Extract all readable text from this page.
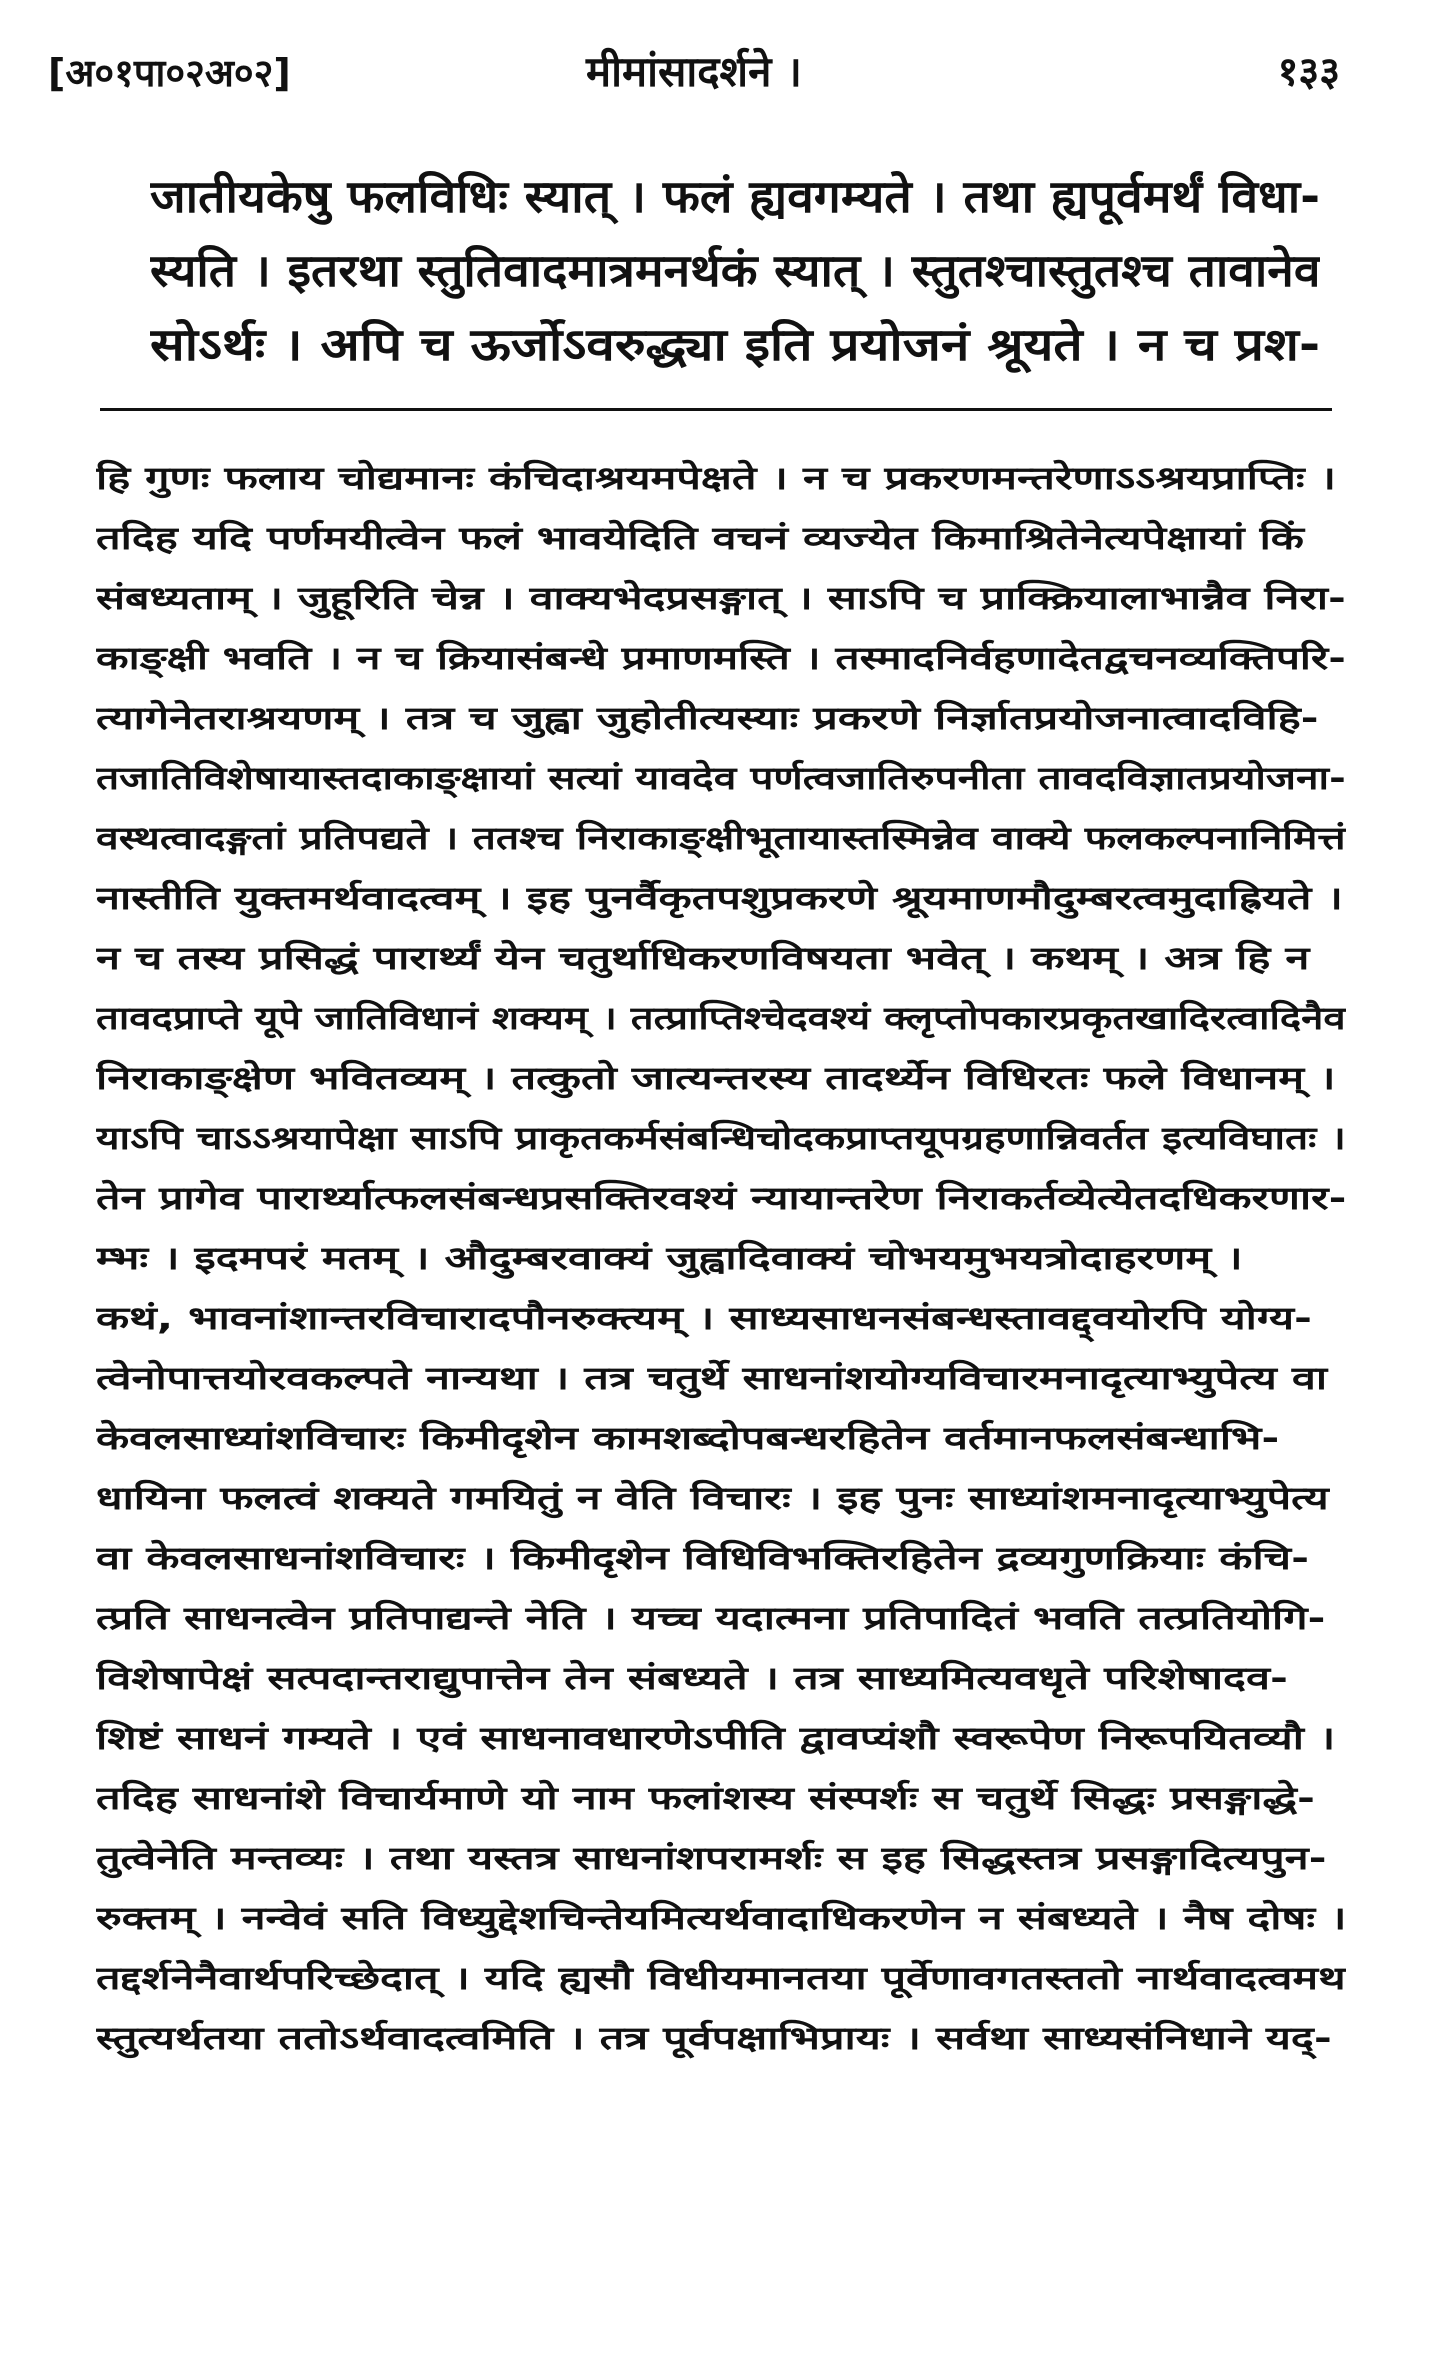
[अ०१पा०२अ०२]	मीमांसादर्शने ।	१३३
जातीयकेषु फलविधिः स्यात् । फलं ह्यवगम्यते । तथा ह्यपूर्वमर्थं विधा-
स्यति । इतरथा स्तुतिवादमात्रमनर्थकं स्यात् । स्तुतश्चास्तुतश्च तावानेव
सोऽर्थः । अपि च ऊर्जोऽवरुद्ध्या इति प्रयोजनं श्रूयते । न च प्रश-
हि गुणः फलाय चोद्यमानः कंचिदाश्रयमपेक्षते । न च प्रकरणमन्तरेणाऽऽश्रयप्राप्तिः ।
तदिह यदि पर्णमयीत्वेन फलं भावयेदिति वचनं व्यज्येत किमाश्रितेनेत्यपेक्षायां किं
संबध्यताम् । जुहूरिति चेन्न । वाक्यभेदप्रसङ्गात् । साऽपि च प्राक्क्रियालाभान्नैव निरा-
काङ्क्षी भवति । न च क्रियासंबन्धे प्रमाणमस्ति । तस्मादनिर्वहणादेतद्वचनव्यक्तिपरि-
त्यागेनेतराश्रयणम् । तत्र च जुह्वा जुहोतीत्यस्याः प्रकरणे निर्ज्ञातप्रयोजनात्वादविहि-
तजातिविशेषायास्तदाकाङ्क्षायां सत्यां यावदेव पर्णत्वजातिरुपनीता तावदविज्ञातप्रयोजना-
वस्थत्वादङ्गतां प्रतिपद्यते । ततश्च निराकाङ्क्षीभूतायास्तस्मिन्नेव वाक्ये फलकल्पनानिमित्तं
नास्तीति युक्तमर्थवादत्वम् । इह पुनर्वैकृतपशुप्रकरणे श्रूयमाणमौदुम्बरत्वमुदाह्रियते ।
न च तस्य प्रसिद्धं पारार्थ्यं येन चतुर्थाधिकरणविषयता भवेत् । कथम् । अत्र हि न
तावदप्राप्ते यूपे जातिविधानं शक्यम् । तत्प्राप्तिश्चेदवश्यं क्लृप्तोपकारप्रकृतखादिरत्वादिनैव
निराकाङ्क्षेण भवितव्यम् । तत्कुतो जात्यन्तरस्य तादर्थ्येन विधिरतः फले विधानम् ।
याऽपि चाऽऽश्रयापेक्षा साऽपि प्राकृतकर्मसंबन्धिचोदकप्राप्तयूपग्रहणान्निवर्तत इत्यविघातः ।
तेन प्रागेव पारार्थ्यात्फलसंबन्धप्रसक्तिरवश्यं न्यायान्तरेण निराकर्तव्येत्येतदधिकरणार-
म्भः । इदमपरं मतम् । औदुम्बरवाक्यं जुह्वादिवाक्यं चोभयमुभयत्रोदाहरणम् ।
कथं, भावनांशान्तरविचारादपौनरुक्त्यम् । साध्यसाधनसंबन्धस्तावद्द्वयोरपि योग्य-
त्वेनोपात्तयोरवकल्पते नान्यथा । तत्र चतुर्थे साधनांशयोग्यविचारमनादृत्याभ्युपेत्य वा
केवलसाध्यांशविचारः किमीदृशेन कामशब्दोपबन्धरहितेन वर्तमानफलसंबन्धाभि-
धायिना फलत्वं शक्यते गमयितुं न वेति विचारः । इह पुनः साध्यांशमनादृत्याभ्युपेत्य
वा केवलसाधनांशविचारः । किमीदृशेन विधिविभक्तिरहितेन द्रव्यगुणक्रियाः कंचि-
त्प्रति साधनत्वेन प्रतिपाद्यन्ते नेति । यच्च यदात्मना प्रतिपादितं भवति तत्प्रतियोगि-
विशेषापेक्षं सत्पदान्तराद्युपात्तेन तेन संबध्यते । तत्र साध्यमित्यवधृते परिशेषादव-
शिष्टं साधनं गम्यते । एवं साधनावधारणेऽपीति द्वावप्यंशौ स्वरूपेण निरूपयितव्यौ ।
तदिह साधनांशे विचार्यमाणे यो नाम फलांशस्य संस्पर्शः स चतुर्थे सिद्धः प्रसङ्गाद्धे-
तुत्वेनेति मन्तव्यः । तथा यस्तत्र साधनांशपरामर्शः स इह सिद्धस्तत्र प्रसङ्गादित्यपुन-
रुक्तम् । नन्वेवं सति विध्युद्देशचिन्तेयमित्यर्थवादाधिकरणेन न संबध्यते । नैष दोषः ।
तद्दर्शनेनैवार्थपरिच्छेदात् । यदि ह्यसौ विधीयमानतया पूर्वेणावगतस्ततो नार्थवादत्वमथ
स्तुत्यर्थतया ततोऽर्थवादत्वमिति । तत्र पूर्वपक्षाभिप्रायः । सर्वथा साध्यसंनिधाने यद्-
